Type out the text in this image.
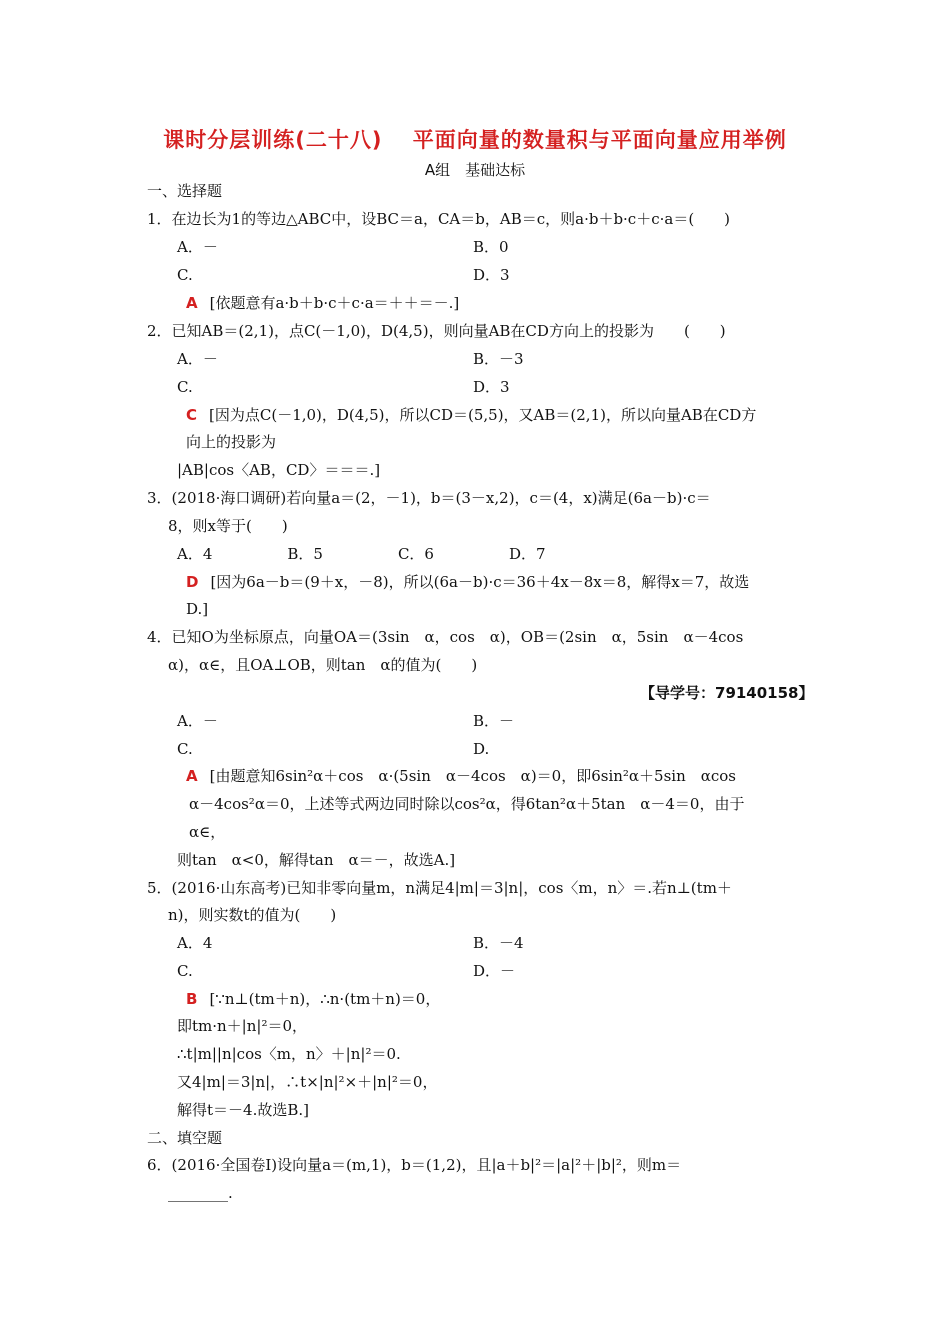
课时分层训练(二十八)　 平面向量的数量积与平面向量应用举例
A组　基础达标
一、选择题
1．在边长为1的等边△ABC中，设BC＝a，CA＝b，AB＝c，则a·b＋b·c＋c·a＝(　　)
A．－	B．0
C.	D．3
A [依题意有a·b＋b·c＋c·a＝＋＋＝－.]
2．已知AB＝(2,1)，点C(－1,0)，D(4,5)，则向量AB在CD方向上的投影为　　(　　)
A．－	B．－3
C.	D．3
C [因为点C(－1,0)，D(4,5)，所以CD＝(5,5)，又AB＝(2,1)，所以向量AB在CD方
向上的投影为
|AB|cos〈AB，CD〉＝＝＝.]
3．(2018·海口调研)若向量a＝(2，－1)，b＝(3－x,2)，c＝(4，x)满足(6a－b)·c＝
8，则x等于(　　)
A．4　　　　　B．5　　　　　C．6　　　　　D．7
D [因为6a－b＝(9＋x，－8)，所以(6a－b)·c＝36＋4x－8x＝8，解得x＝7，故选
D.]
4．已知O为坐标原点，向量OA＝(3sin　α，cos　α)，OB＝(2sin　α，5sin　α－4cos
α)，α∈，且OA⊥OB，则tan　α的值为(　　)
【导学号：79140158】
A．－	B．－
C.	D.
A [由题意知6sin²α＋cos　α·(5sin　α－4cos　α)＝0，即6sin²α＋5sin　αcos
α－4cos²α＝0，上述等式两边同时除以cos²α，得6tan²α＋5tan　α－4＝0，由于
α∈，
则tan　α<0，解得tan　α＝－，故选A.]
5．(2016·山东高考)已知非零向量m，n满足4|m|＝3|n|，cos〈m，n〉＝.若n⊥(tm＋
n)，则实数t的值为(　　)
A．4	B．－4
C.	D．－
B [∵n⊥(tm＋n)，∴n·(tm＋n)＝0，
即tm·n＋|n|²＝0，
∴t|m||n|cos〈m，n〉＋|n|²＝0.
又4|m|＝3|n|，∴t×|n|²×＋|n|²＝0，
解得t＝－4.故选B.]
二、填空题
6．(2016·全国卷Ⅰ)设向量a＝(m,1)，b＝(1,2)，且|a＋b|²＝|a|²＋|b|²，则m＝
________.
